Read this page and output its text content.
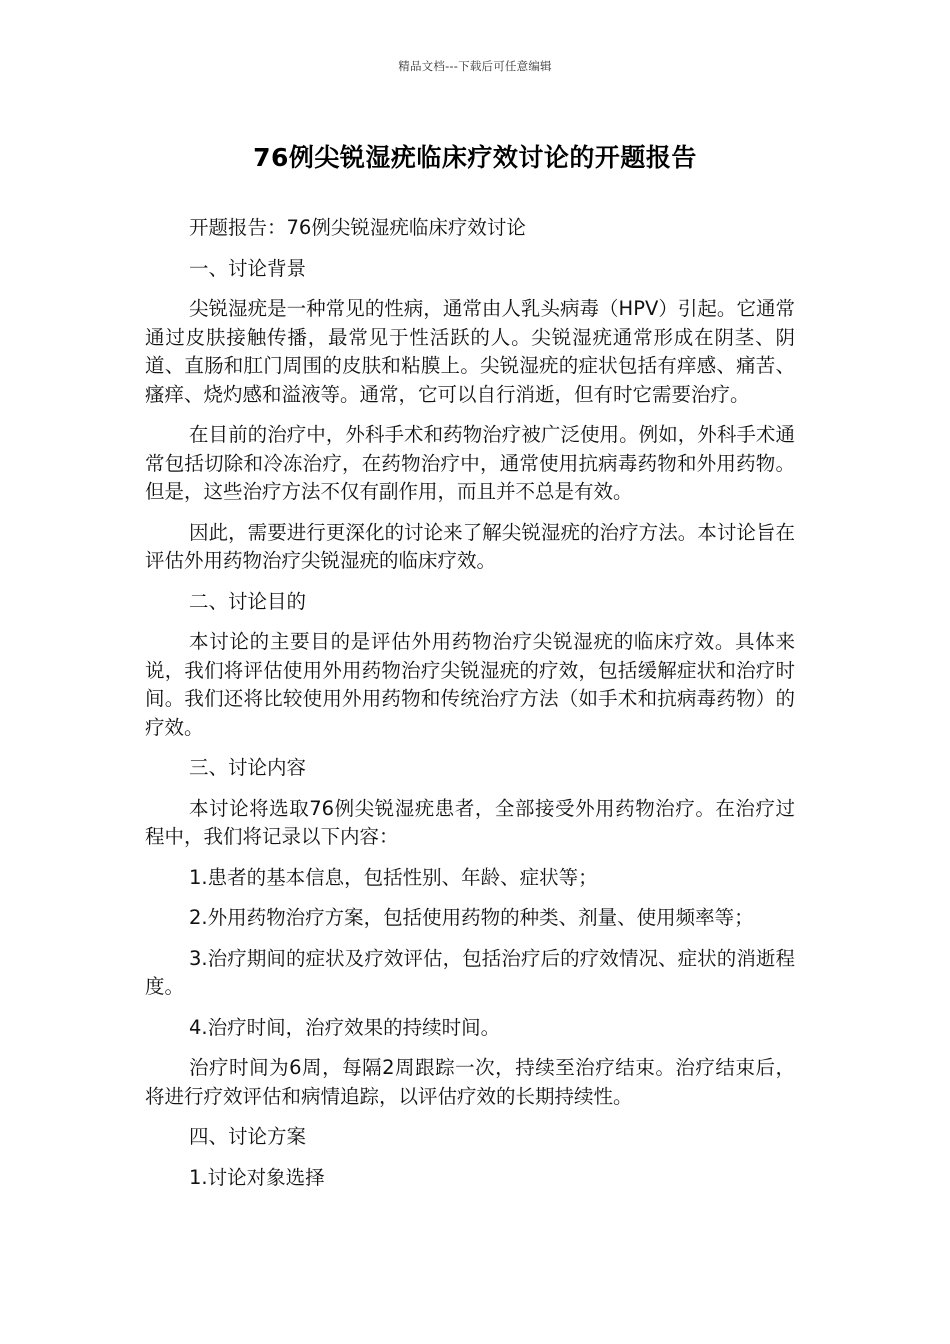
精品文档---下载后可任意编辑
76例尖锐湿疣临床疗效讨论的开题报告

开题报告：76例尖锐湿疣临床疗效讨论

一、讨论背景

尖锐湿疣是一种常见的性病，通常由人乳头病毒（HPV）引起。它通常通过皮肤接触传播，最常见于性活跃的人。尖锐湿疣通常形成在阴茎、阴道、直肠和肛门周围的皮肤和粘膜上。尖锐湿疣的症状包括有痒感、痛苦、瘙痒、烧灼感和溢液等。通常，它可以自行消逝，但有时它需要治疗。

在目前的治疗中，外科手术和药物治疗被广泛使用。例如，外科手术通常包括切除和冷冻治疗，在药物治疗中，通常使用抗病毒药物和外用药物。但是，这些治疗方法不仅有副作用，而且并不总是有效。

因此，需要进行更深化的讨论来了解尖锐湿疣的治疗方法。本讨论旨在评估外用药物治疗尖锐湿疣的临床疗效。

二、讨论目的

本讨论的主要目的是评估外用药物治疗尖锐湿疣的临床疗效。具体来说，我们将评估使用外用药物治疗尖锐湿疣的疗效，包括缓解症状和治疗时间。我们还将比较使用外用药物和传统治疗方法（如手术和抗病毒药物）的疗效。

三、讨论内容

本讨论将选取76例尖锐湿疣患者，全部接受外用药物治疗。在治疗过程中，我们将记录以下内容：

1.患者的基本信息，包括性别、年龄、症状等；

2.外用药物治疗方案，包括使用药物的种类、剂量、使用频率等；

3.治疗期间的症状及疗效评估，包括治疗后的疗效情况、症状的消逝程度。

4.治疗时间，治疗效果的持续时间。

治疗时间为6周，每隔2周跟踪一次，持续至治疗结束。治疗结束后，将进行疗效评估和病情追踪，以评估疗效的长期持续性。

四、讨论方案

1.讨论对象选择
